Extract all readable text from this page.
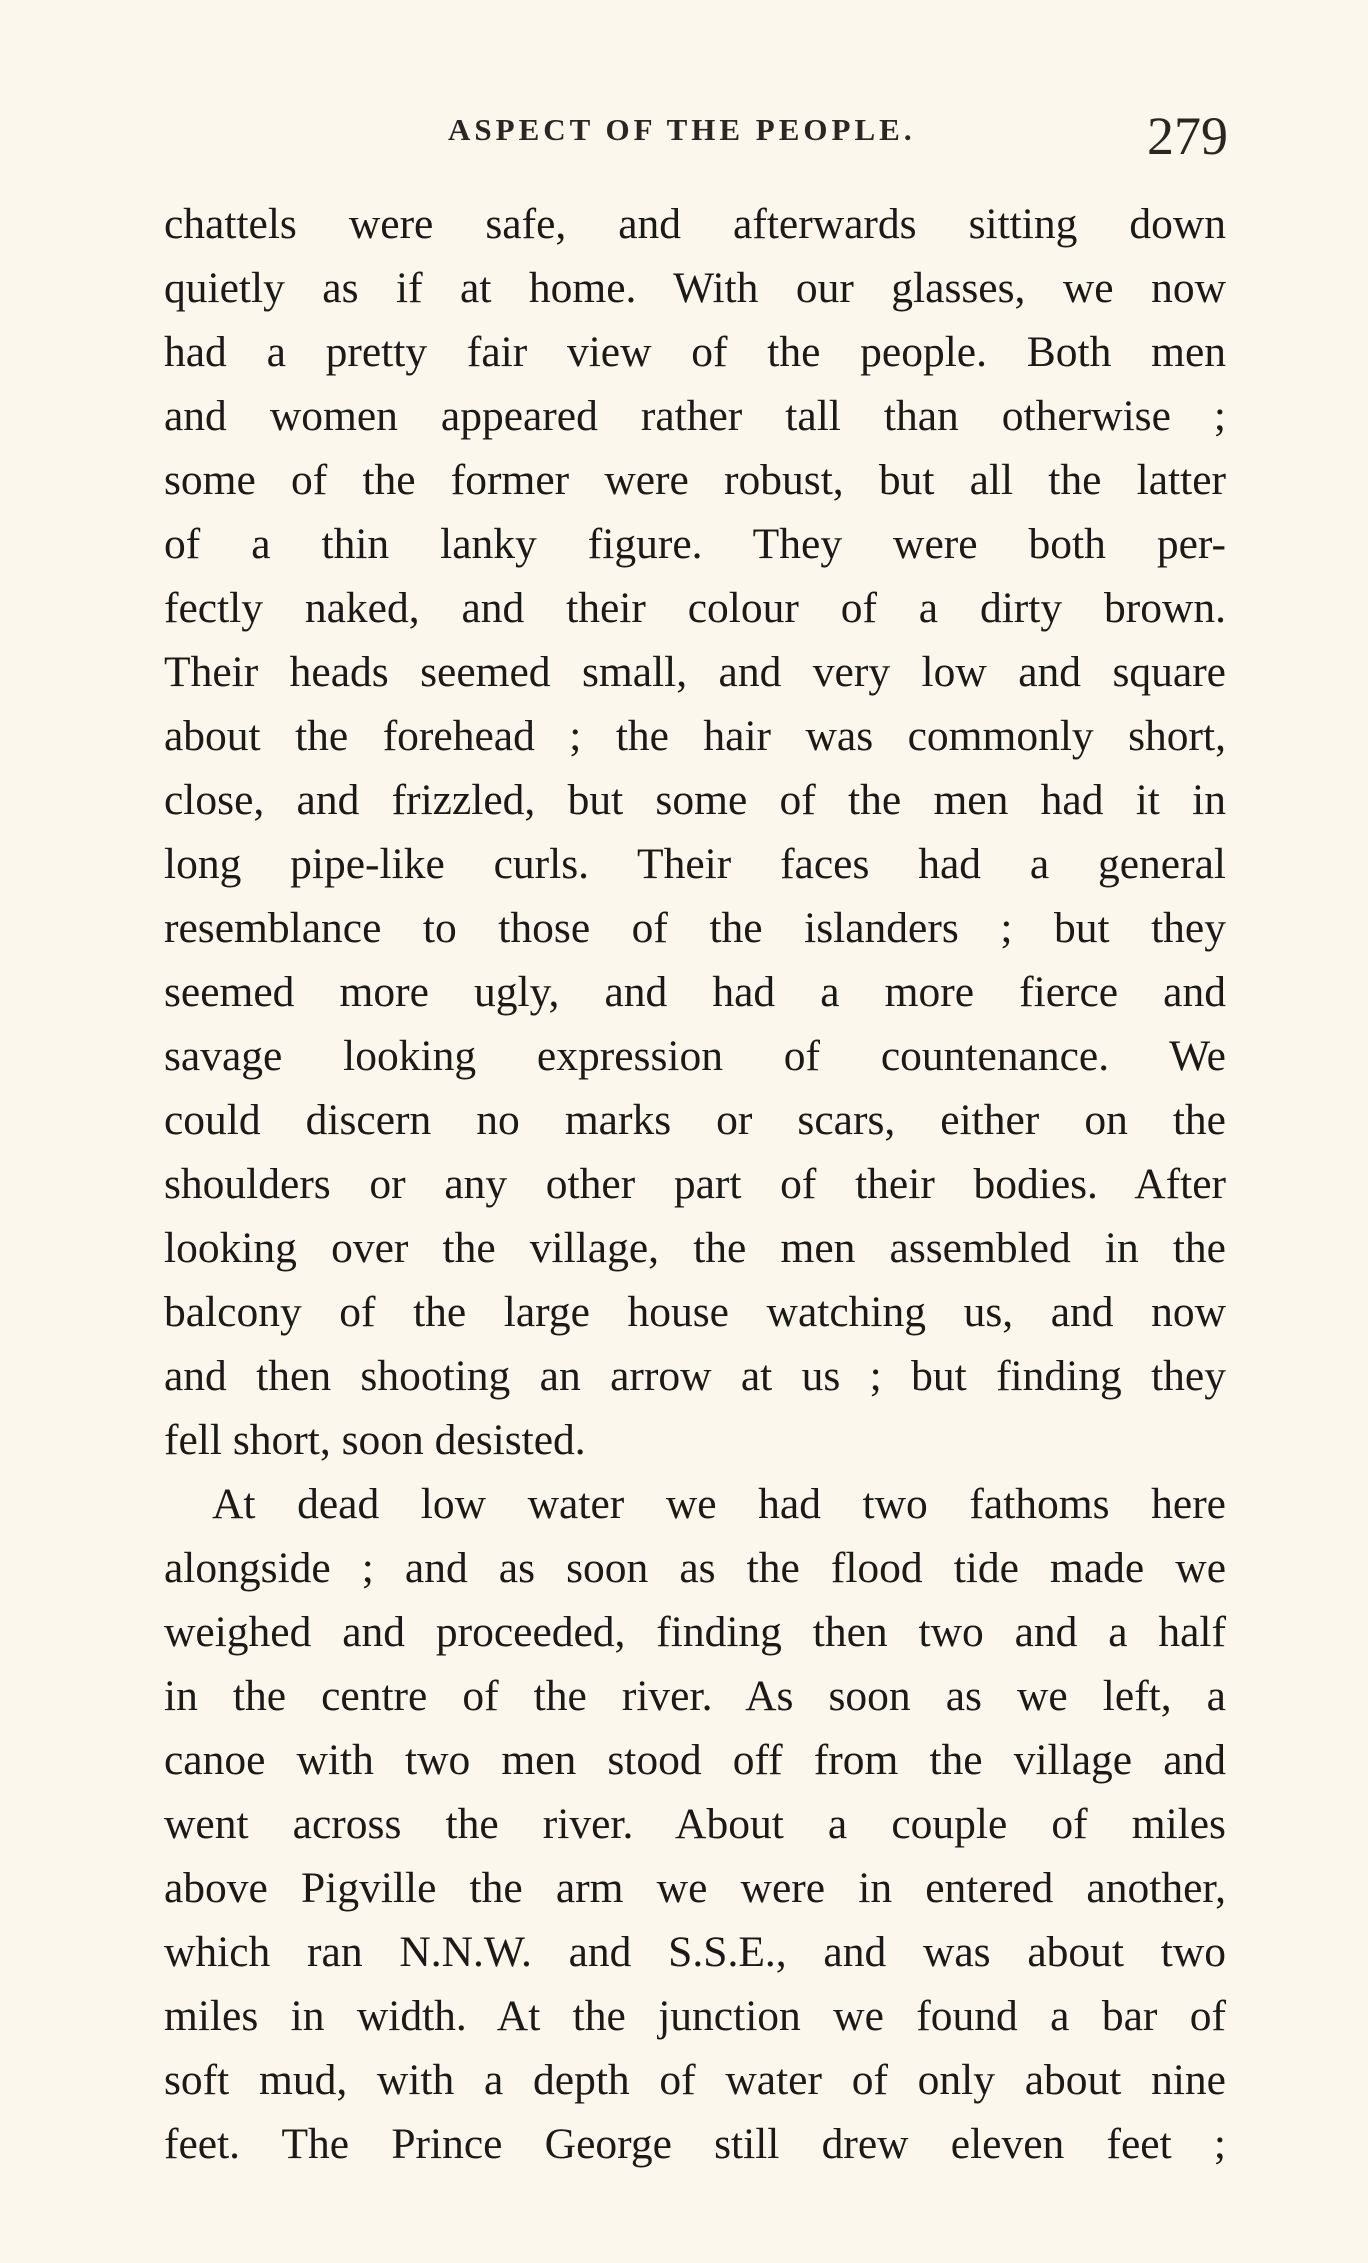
ASPECT OF THE PEOPLE.	279
chattels were safe, and afterwards sitting down
quietly as if at home. With our glasses, we now
had a pretty fair view of the people. Both men
and women appeared rather tall than otherwise ;
some of the former were robust, but all the latter
of a thin lanky figure. They were both per-
fectly naked, and their colour of a dirty brown.
Their heads seemed small, and very low and square
about the forehead ; the hair was commonly short,
close, and frizzled, but some of the men had it in
long pipe-like curls. Their faces had a general
resemblance to those of the islanders ; but they
seemed more ugly, and had a more fierce and
savage looking expression of countenance. We
could discern no marks or scars, either on the
shoulders or any other part of their bodies. After
looking over the village, the men assembled in the
balcony of the large house watching us, and now
and then shooting an arrow at us ; but finding they
fell short, soon desisted.
At dead low water we had two fathoms here
alongside ; and as soon as the flood tide made we
weighed and proceeded, finding then two and a half
in the centre of the river. As soon as we left, a
canoe with two men stood off from the village and
went across the river. About a couple of miles
above Pigville the arm we were in entered another,
which ran N.N.W. and S.S.E., and was about two
miles in width. At the junction we found a bar of
soft mud, with a depth of water of only about nine
feet. The Prince George still drew eleven feet ;
